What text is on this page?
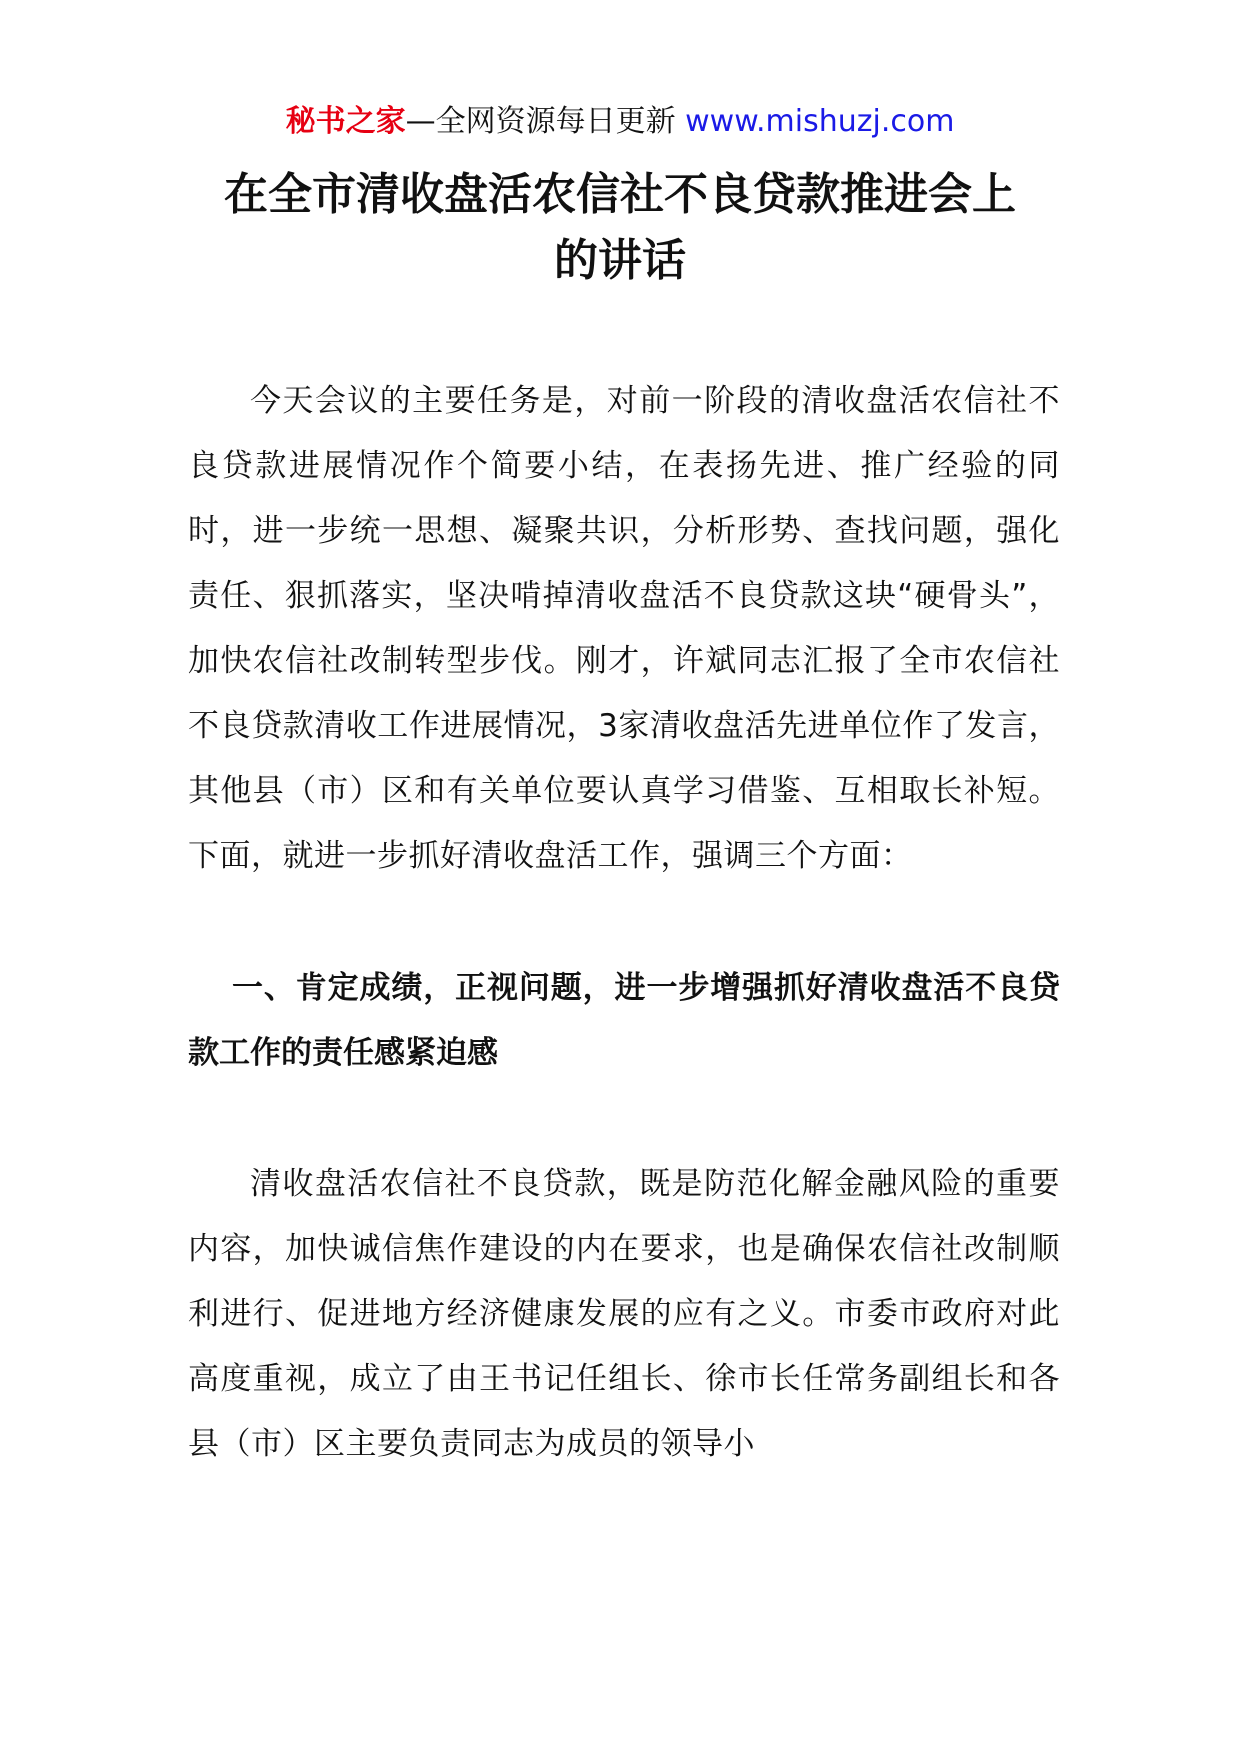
秘书之家—全网资源每日更新 www.mishuzj.com
在全市清收盘活农信社不良贷款推进会上
的讲话

今天会议的主要任务是，对前一阶段的清收盘活农信社不良贷款进展情况作个简要小结，在表扬先进、推广经验的同时，进一步统一思想、凝聚共识，分析形势、查找问题，强化责任、狠抓落实，坚决啃掉清收盘活不良贷款这块“硬骨头”，加快农信社改制转型步伐。刚才，许斌同志汇报了全市农信社不良贷款清收工作进展情况，3家清收盘活先进单位作了发言，其他县（市）区和有关单位要认真学习借鉴、互相取长补短。下面，就进一步抓好清收盘活工作，强调三个方面：

一、肯定成绩，正视问题，进一步增强抓好清收盘活不良贷款工作的责任感紧迫感

清收盘活农信社不良贷款，既是防范化解金融风险的重要内容，加快诚信焦作建设的内在要求，也是确保农信社改制顺利进行、促进地方经济健康发展的应有之义。市委市政府对此高度重视，成立了由王书记任组长、徐市长任常务副组长和各县（市）区主要负责同志为成员的领导小
